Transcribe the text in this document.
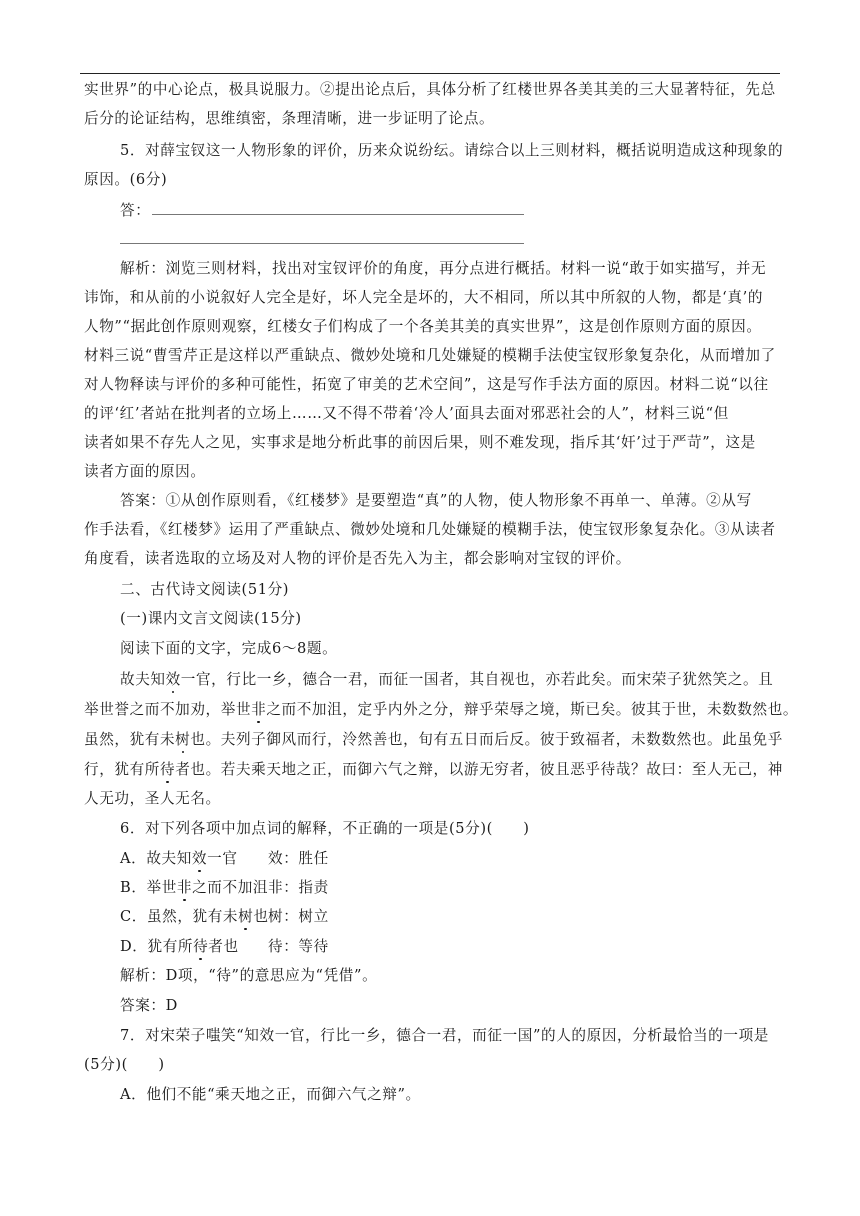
实世界”的中心论点，极具说服力。②提出论点后，具体分析了红楼世界各美其美的三大显著特征，先总
后分的论证结构，思维缜密，条理清晰，进一步证明了论点。
5．对薛宝钗这一人物形象的评价，历来众说纷纭。请综合以上三则材料，概括说明造成这种现象的
原因。(6分)
答：
解析：浏览三则材料，找出对宝钗评价的角度，再分点进行概括。材料一说“敢于如实描写，并无
讳饰，和从前的小说叙好人完全是好，坏人完全是坏的，大不相同，所以其中所叙的人物，都是‘真’的
人物”“据此创作原则观察，红楼女子们构成了一个各美其美的真实世界”，这是创作原则方面的原因。
材料三说“曹雪芹正是这样以严重缺点、微妙处境和几处嫌疑的模糊手法使宝钗形象复杂化，从而增加了
对人物释读与评价的多种可能性，拓宽了审美的艺术空间”，这是写作手法方面的原因。材料二说“以往
的评‘红’者站在批判者的立场上……又不得不带着‘冷人’面具去面对邪恶社会的人”，材料三说“但
读者如果不存先人之见，实事求是地分析此事的前因后果，则不难发现，指斥其‘奸’过于严苛”，这是
读者方面的原因。
答案：①从创作原则看，《红楼梦》是要塑造“真”的人物，使人物形象不再单一、单薄。②从写
作手法看，《红楼梦》运用了严重缺点、微妙处境和几处嫌疑的模糊手法，使宝钗形象复杂化。③从读者
角度看，读者选取的立场及对人物的评价是否先入为主，都会影响对宝钗的评价。
二、古代诗文阅读(51分)
(一)课内文言文阅读(15分)
阅读下面的文字，完成6～8题。
故夫知效一官，行比一乡，德合一君，而征一国者，其自视也，亦若此矣。而宋荣子犹然笑之。且
举世誉之而不加劝，举世非之而不加沮，定乎内外之分，辩乎荣辱之境，斯已矣。彼其于世，未数数然也。
虽然，犹有未树也。夫列子御风而行，泠然善也，旬有五日而后反。彼于致福者，未数数然也。此虽免乎
行，犹有所待者也。若夫乘天地之正，而御六气之辩，以游无穷者，彼且恶乎待哉？故曰：至人无己，神
人无功，圣人无名。
6．对下列各项中加点词的解释，不正确的一项是(5分)(　　)
A．故夫知效一官	效：胜任
B．举世非之而不加沮 非：指责
C．虽然，犹有未树也 树：树立
D．犹有所待者也	待：等待
解析：D项，“待”的意思应为“凭借”。
答案：D
7．对宋荣子嗤笑“知效一官，行比一乡，德合一君，而征一国”的人的原因，分析最恰当的一项是
(5分)(　　)
A．他们不能“乘天地之正，而御六气之辩”。
